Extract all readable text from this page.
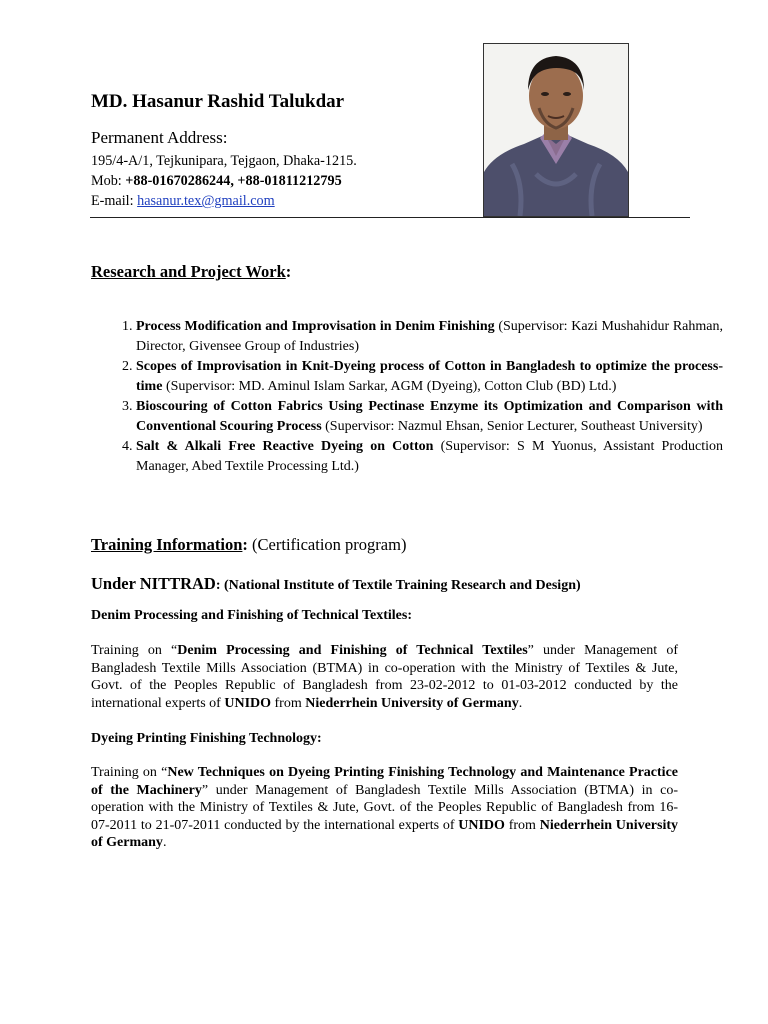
MD. Hasanur Rashid Talukdar
Permanent Address:
195/4-A/1, Tejkunipara, Tejgaon, Dhaka-1215.
Mob: +88-01670286244, +88-01811212795
E-mail: hasanur.tex@gmail.com
Research and Project Work:
1. Process Modification and Improvisation in Denim Finishing (Supervisor: Kazi Mushahidur Rahman, Director, Givensee Group of Industries)
2. Scopes of Improvisation in Knit-Dyeing process of Cotton in Bangladesh to optimize the process-time (Supervisor: MD. Aminul Islam Sarkar, AGM (Dyeing), Cotton Club (BD) Ltd.)
3. Bioscouring of Cotton Fabrics Using Pectinase Enzyme its Optimization and Comparison with Conventional Scouring Process (Supervisor: Nazmul Ehsan, Senior Lecturer, Southeast University)
4. Salt & Alkali Free Reactive Dyeing on Cotton (Supervisor: S M Yuonus, Assistant Production Manager, Abed Textile Processing Ltd.)
Training Information: (Certification program)
Under NITTRAD: (National Institute of Textile Training Research and Design)
Denim Processing and Finishing of Technical Textiles:
Training on “Denim Processing and Finishing of Technical Textiles” under Management of Bangladesh Textile Mills Association (BTMA) in co-operation with the Ministry of Textiles & Jute, Govt. of the Peoples Republic of Bangladesh from 23-02-2012 to 01-03-2012 conducted by the international experts of UNIDO from Niederrhein University of Germany.
Dyeing Printing Finishing Technology:
Training on “New Techniques on Dyeing Printing Finishing Technology and Maintenance Practice of the Machinery” under Management of Bangladesh Textile Mills Association (BTMA) in co-operation with the Ministry of Textiles & Jute, Govt. of the Peoples Republic of Bangladesh from 16-07-2011 to 21-07-2011 conducted by the international experts of UNIDO from Niederrhein University of Germany.
